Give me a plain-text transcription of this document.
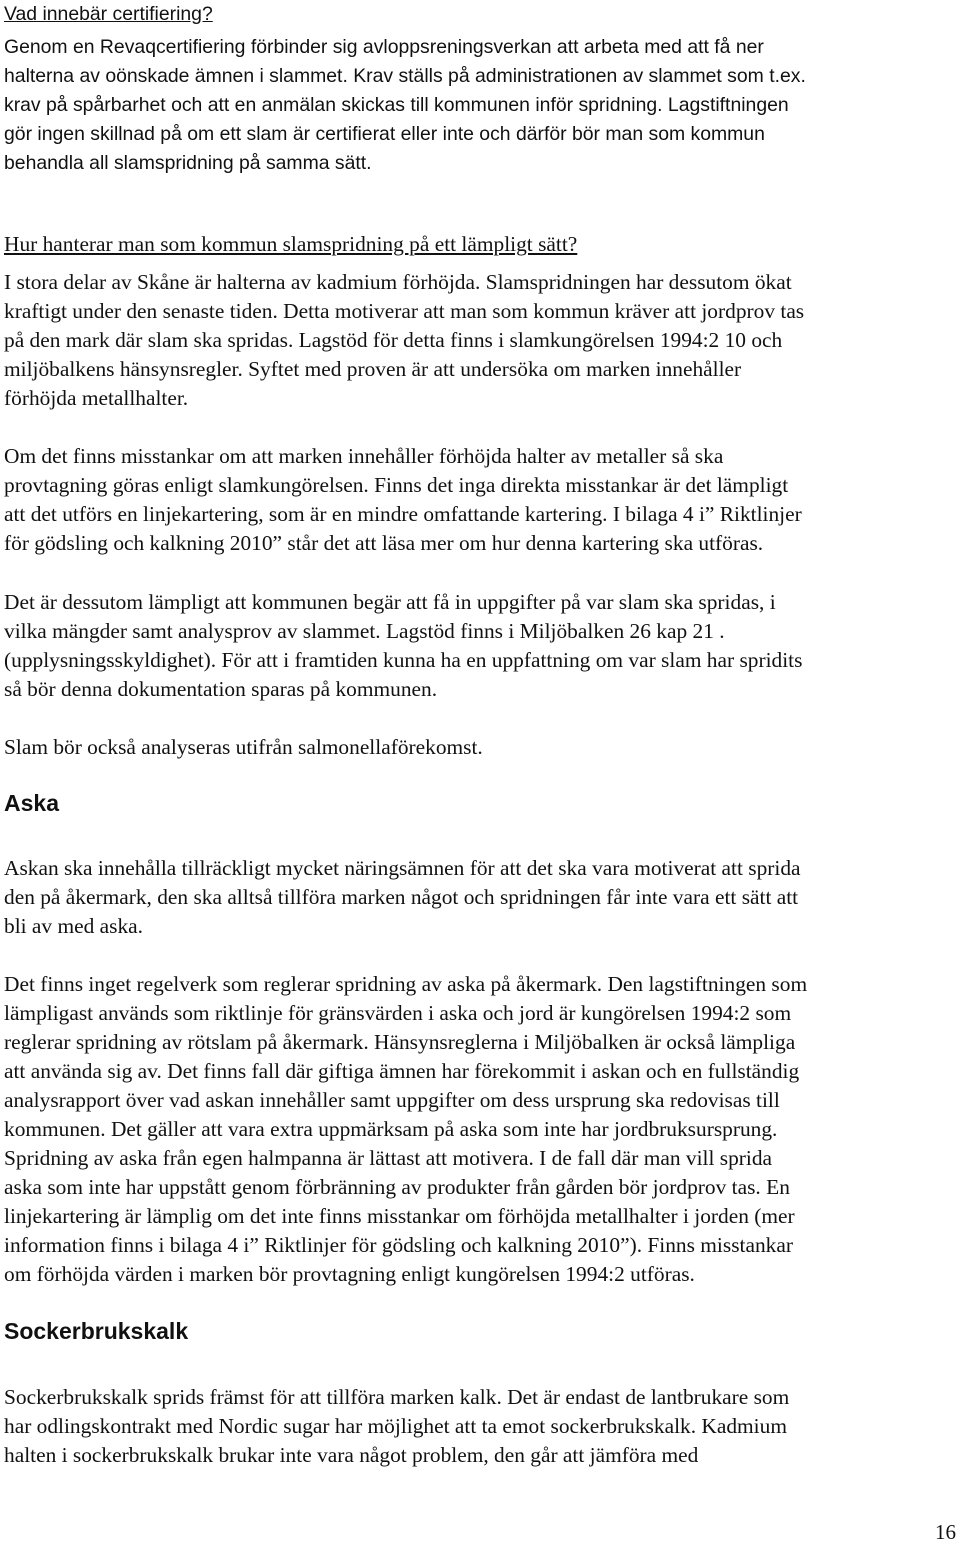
Vad innebär certifiering?
Genom en Revaqcertifiering förbinder sig avloppsreningsverkan att arbeta med att få ner
halterna av oönskade ämnen i slammet. Krav ställs på administrationen av slammet som t.ex.
krav på spårbarhet och att en anmälan skickas till kommunen inför spridning. Lagstiftningen
gör ingen skillnad på om ett slam är certifierat eller inte och därför bör man som kommun
behandla all slamspridning på samma sätt.
Hur hanterar man som kommun slamspridning på ett lämpligt sätt?
I stora delar av Skåne är halterna av kadmium förhöjda. Slamspridningen har dessutom ökat
kraftigt under den senaste tiden. Detta motiverar att man som kommun kräver att jordprov tas
på den mark där slam ska spridas. Lagstöd för detta finns i slamkungörelsen 1994:2 10 och
miljöbalkens hänsynsregler. Syftet med proven är att undersöka om marken innehåller
förhöjda metallhalter.
Om det finns misstankar om att marken innehåller förhöjda halter av metaller så ska
provtagning göras enligt slamkungörelsen. Finns det inga direkta misstankar är det lämpligt
att det utförs en linjekartering, som är en mindre omfattande kartering. I bilaga 4 i” Riktlinjer
för gödsling och kalkning 2010” står det att läsa mer om hur denna kartering ska utföras.
Det är dessutom lämpligt att kommunen begär att få in uppgifter på var slam ska spridas, i
vilka mängder samt analysprov av slammet. Lagstöd finns i Miljöbalken 26 kap 21 .
(upplysningsskyldighet). För att i framtiden kunna ha en uppfattning om var slam har spridits
så bör denna dokumentation sparas på kommunen.
Slam bör också analyseras utifrån salmonellaförekomst.
Aska
Askan ska innehålla tillräckligt mycket näringsämnen för att det ska vara motiverat att sprida
den på åkermark, den ska alltså tillföra marken något och spridningen får inte vara ett sätt att
bli av med aska.
Det finns inget regelverk som reglerar spridning av aska på åkermark. Den lagstiftningen som
lämpligast används som riktlinje för gränsvärden i aska och jord är kungörelsen 1994:2 som
reglerar spridning av rötslam på åkermark. Hänsynsreglerna i Miljöbalken är också lämpliga
att använda sig av. Det finns fall där giftiga ämnen har förekommit i askan och en fullständig
analysrapport över vad askan innehåller samt uppgifter om dess ursprung ska redovisas till
kommunen. Det gäller att vara extra uppmärksam på aska som inte har jordbruksursprung.
Spridning av aska från egen halmpanna är lättast att motivera. I de fall där man vill sprida
aska som inte har uppstått genom förbränning av produkter från gården bör jordprov tas. En
linjekartering är lämplig om det inte finns misstankar om förhöjda metallhalter i jorden (mer
information finns i bilaga 4 i” Riktlinjer för gödsling och kalkning 2010”). Finns misstankar
om förhöjda värden i marken bör provtagning enligt kungörelsen 1994:2 utföras.
Sockerbrukskalk
Sockerbrukskalk sprids främst för att tillföra marken kalk. Det är endast de lantbrukare som
har odlingskontrakt med Nordic sugar har möjlighet att ta emot sockerbrukskalk. Kadmium
halten i sockerbrukskalk brukar inte vara något problem, den går att jämföra med
16
